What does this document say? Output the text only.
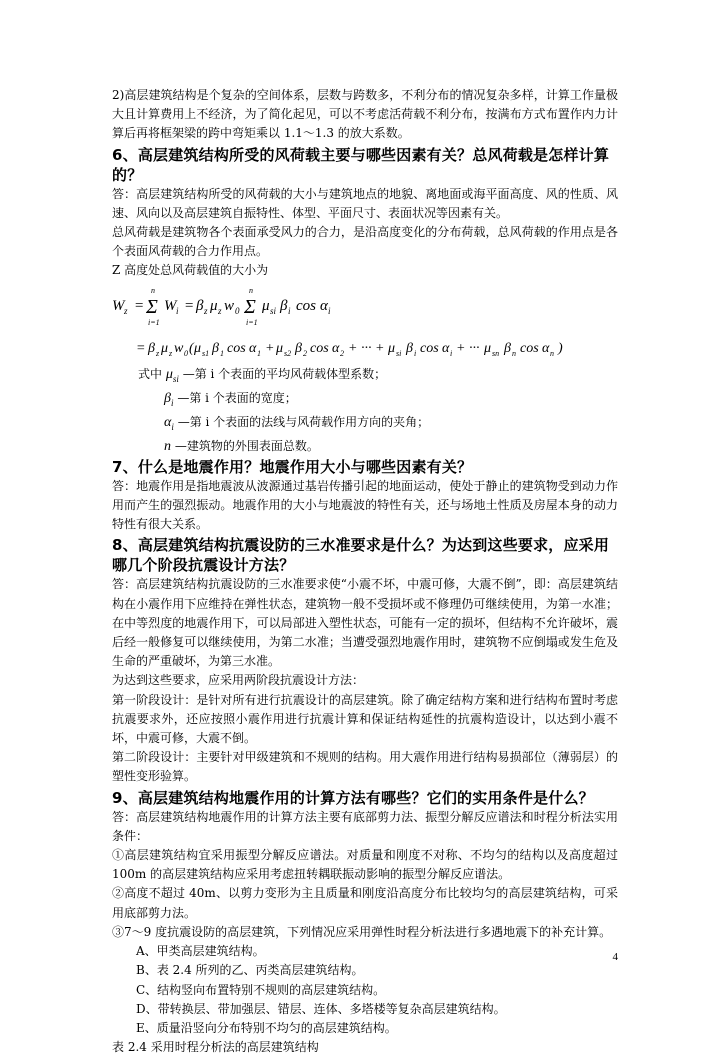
2)高层建筑结构是个复杂的空间体系，层数与跨数多，不利分布的情况复杂多样，计算工作量极大且计算费用上不经济，为了简化起见，可以不考虑活荷载不利分布，按满布方式布置作内力计算后再将框架梁的跨中弯矩乘以 1.1～1.3 的放大系数。

6、高层建筑结构所受的风荷载主要与哪些因素有关？总风荷载是怎样计算的？

答：高层建筑结构所受的风荷载的大小与建筑地点的地貌、离地面或海平面高度、风的性质、风速、风向以及高层建筑自振特性、体型、平面尺寸、表面状况等因素有关。

总风荷载是建筑物各个表面承受风力的合力，是沿高度变化的分布荷载，总风荷载的作用点是各个表面风荷载的合力作用点。

Z 高度处总风荷载值的大小为

W z = Σ
n
i=1
W i = β z μ z w 0 Σ
n
i=1
μ si β i cos α i
= β z μ z w 0 ( μ s1 β 1 cos α 1 + μ s2 β 2 cos α 2 + ··· + μ si β i cos α i + ··· μ sn β n cos α n )

式中 $\mu_{si}$ —第 i 个表面的平均风荷载体型系数；

$\beta_i$ —第 i 个表面的宽度；

$\alpha_i$ —第 i 个表面的法线与风荷载作用方向的夹角；

n —建筑物的外围表面总数。

7、什么是地震作用？地震作用大小与哪些因素有关？

答：地震作用是指地震波从波源通过基岩传播引起的地面运动，使处于静止的建筑物受到动力作用而产生的强烈振动。地震作用的大小与地震波的特性有关，还与场地土性质及房屋本身的动力特性有很大关系。

8、高层建筑结构抗震设防的三水准要求是什么？为达到这些要求，应采用哪几个阶段抗震设计方法？

答：高层建筑结构抗震设防的三水准要求使“小震不坏，中震可修，大震不倒”，即：高层建筑结构在小震作用下应维持在弹性状态，建筑物一般不受损坏或不修理仍可继续使用，为第一水准；在中等烈度的地震作用下，可以局部进入塑性状态，可能有一定的损坏，但结构不允许破坏，震后经一般修复可以继续使用，为第二水准；当遭受强烈地震作用时，建筑物不应倒塌或发生危及生命的严重破坏，为第三水准。

为达到这些要求，应采用两阶段抗震设计方法：

第一阶段设计：是针对所有进行抗震设计的高层建筑。除了确定结构方案和进行结构布置时考虑抗震要求外，还应按照小震作用进行抗震计算和保证结构延性的抗震构造设计，以达到小震不坏，中震可修，大震不倒。

第二阶段设计：主要针对甲级建筑和不规则的结构。用大震作用进行结构易损部位（薄弱层）的塑性变形验算。

9、高层建筑结构地震作用的计算方法有哪些？它们的实用条件是什么？

答：高层建筑结构地震作用的计算方法主要有底部剪力法、振型分解反应谱法和时程分析法实用条件：

①高层建筑结构宜采用振型分解反应谱法。对质量和刚度不对称、不均匀的结构以及高度超过 100m 的高层建筑结构应采用考虑扭转耦联振动影响的振型分解反应谱法。

②高度不超过 40m、以剪力变形为主且质量和刚度沿高度分布比较均匀的高层建筑结构，可采用底部剪力法。

③7～9 度抗震设防的高层建筑，下列情况应采用弹性时程分析法进行多遇地震下的补充计算。

A、甲类高层建筑结构。

B、表 2.4 所列的乙、丙类高层建筑结构。

C、结构竖向布置特别不规则的高层建筑结构。

D、带转换层、带加强层、错层、连体、多塔楼等复杂高层建筑结构。

E、质量沿竖向分布特别不均匀的高层建筑结构。

表 2.4 采用时程分析法的高层建筑结构

4
